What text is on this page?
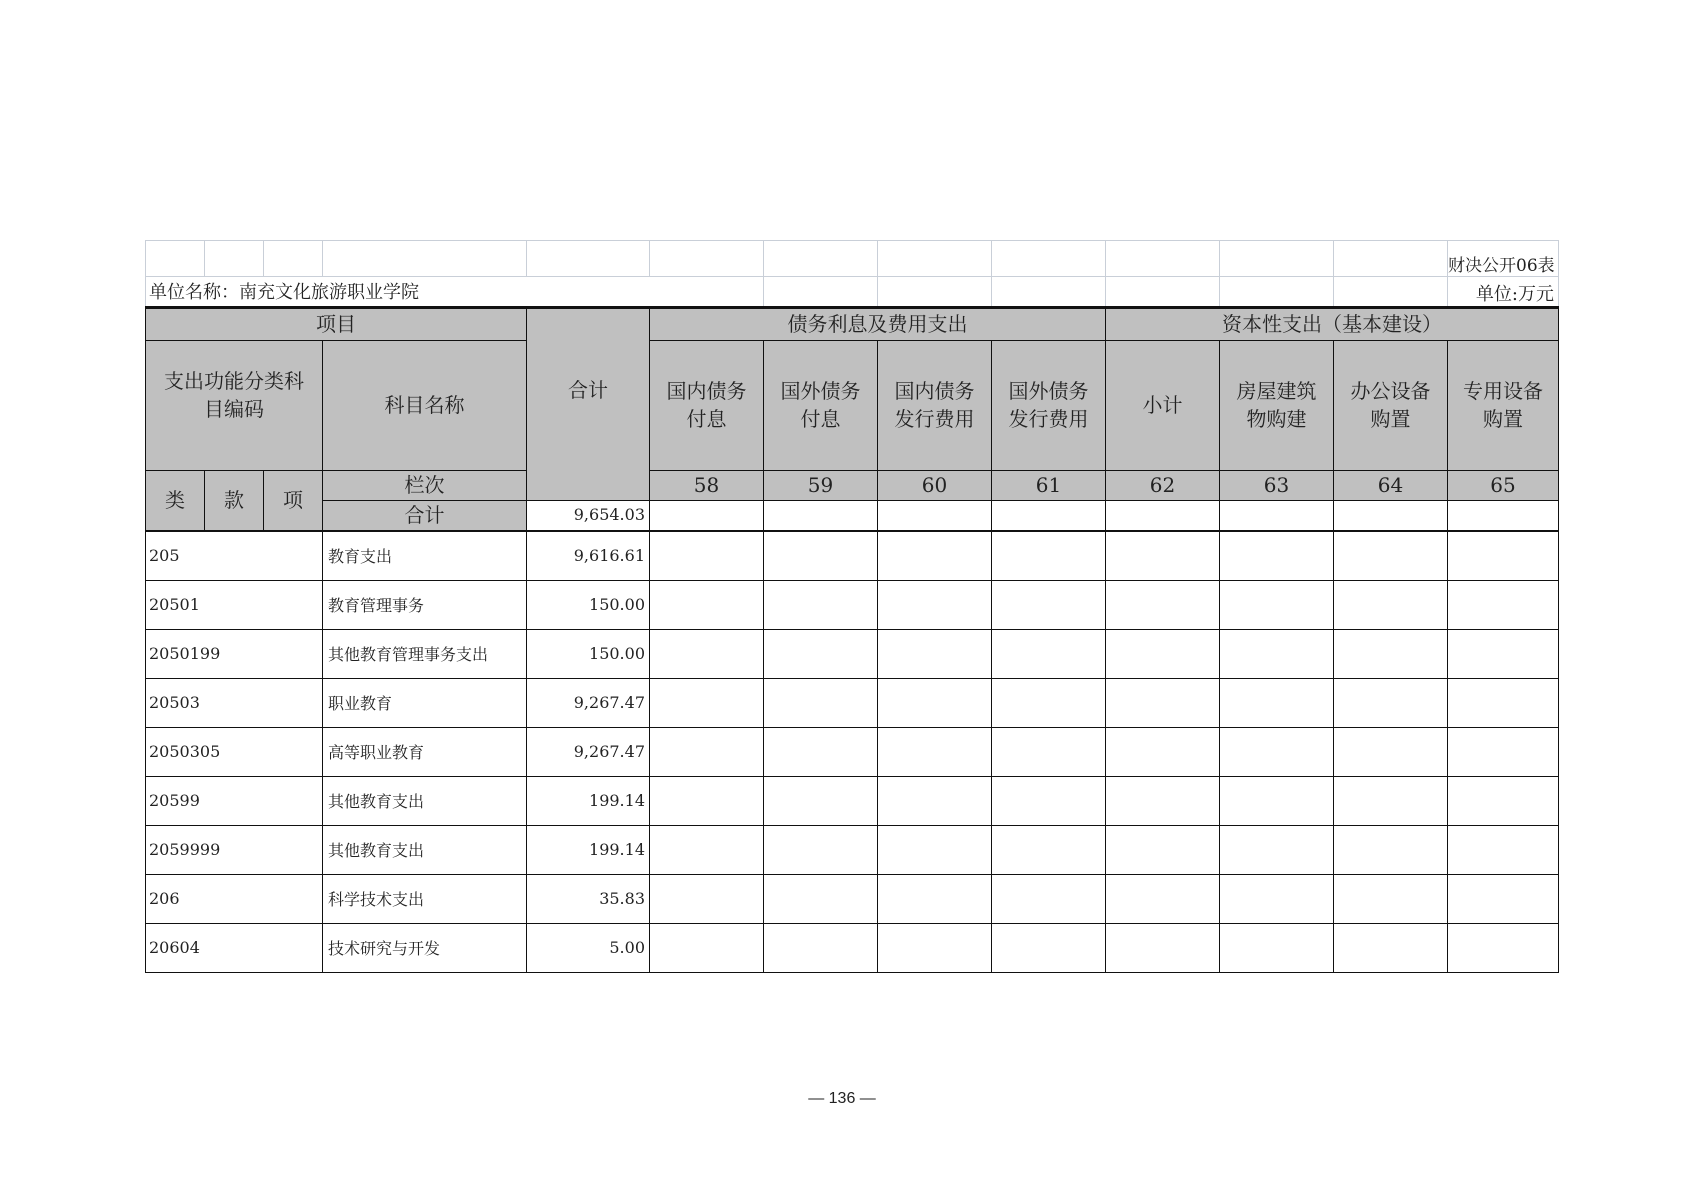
												财决公开06表
单位名称：南充文化旅游职业学院												单位:万元
项目				合计	债务利息及费用支出				资本性支出（基本建设）			
支出功能分类科目编码			科目名称		国内债务付息	国外债务付息	国内债务发行费用	国外债务发行费用	小计	房屋建筑物购建	办公设备购置	专用设备购置
类	款	项	栏次		58	59	60	61	62	63	64	65
			合计	9,654.03								
205	教育支出	9,616.61								
20501	教育管理事务	150.00								
2050199	其他教育管理事务支出	150.00								
20503	职业教育	9,267.47								
2050305	高等职业教育	9,267.47								
20599	其他教育支出	199.14								
2059999	其他教育支出	199.14								
206	科学技术支出	35.83								
20604	技术研究与开发	5.00								
— 136 —
